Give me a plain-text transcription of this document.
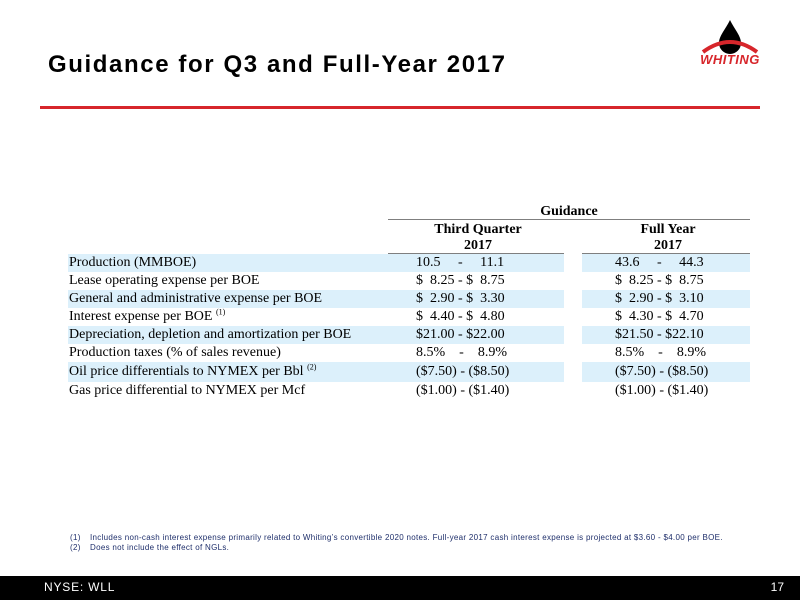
Guidance for Q3 and Full-Year 2017	WHITING
Guidance
Third Quarter
2017
Full Year
2017
Production (MMBOE)	10.5     -     11.1	43.6     -     44.3
Lease operating expense per BOE	$  8.25 - $  8.75	$  8.25 - $  8.75
General and administrative expense per BOE	$  2.90 - $  3.30	$  2.90 - $  3.10
Interest expense per BOE $^{(1)}$	$  4.40 - $  4.80	$  4.30 - $  4.70
Depreciation, depletion and amortization per BOE	$21.00 - $22.00	$21.50 - $22.10
Production taxes (% of sales revenue)	8.5%    -    8.9%	8.5%    -    8.9%
Oil price differentials to NYMEX per Bbl $^{(2)}$	($7.50) - ($8.50)	($7.50) - ($8.50)
Gas price differential to NYMEX per Mcf	($1.00) - ($1.40)	($1.00) - ($1.40)
(1) Includes non-cash interest expense primarily related to Whiting’s convertible 2020 notes. Full-year 2017 cash interest expense is projected at $3.60 - $4.00 per BOE.
(2) Does not include the effect of NGLs.
NYSE: WLL	17
